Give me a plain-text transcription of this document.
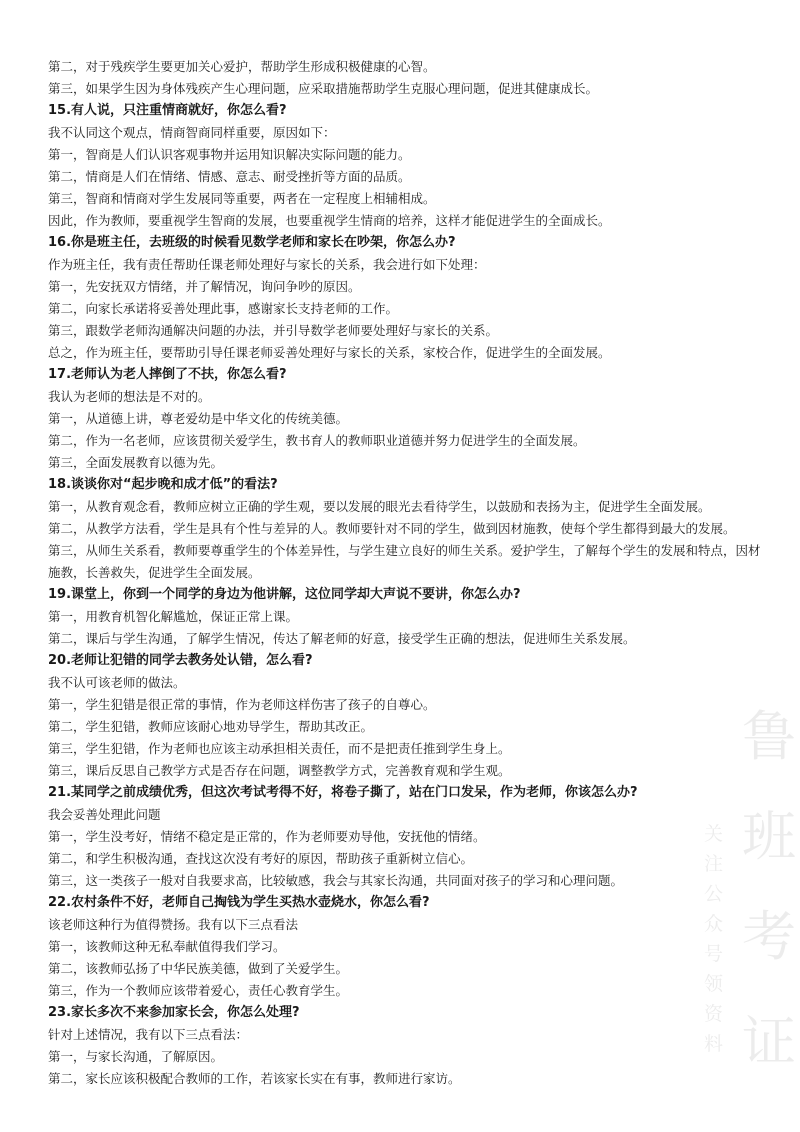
第二，对于残疾学生要更加关心爱护，帮助学生形成积极健康的心智。
第三，如果学生因为身体残疾产生心理问题，应采取措施帮助学生克服心理问题，促进其健康成长。
15.有人说，只注重情商就好，你怎么看?
我不认同这个观点，情商智商同样重要，原因如下：
第一，智商是人们认识客观事物并运用知识解决实际问题的能力。
第二，情商是人们在情绪、情感、意志、耐受挫折等方面的品质。
第三，智商和情商对学生发展同等重要，两者在一定程度上相辅相成。
因此，作为教师，要重视学生智商的发展，也要重视学生情商的培养，这样才能促进学生的全面成长。
16.你是班主任，去班级的时候看见数学老师和家长在吵架，你怎么办?
作为班主任，我有责任帮助任课老师处理好与家长的关系，我会进行如下处理：
第一，先安抚双方情绪，并了解情况，询问争吵的原因。
第二，向家长承诺将妥善处理此事，感谢家长支持老师的工作。
第三，跟数学老师沟通解决问题的办法，并引导数学老师要处理好与家长的关系。
总之，作为班主任，要帮助引导任课老师妥善处理好与家长的关系，家校合作，促进学生的全面发展。
17.老师认为老人摔倒了不扶，你怎么看?
我认为老师的想法是不对的。
第一，从道德上讲，尊老爱幼是中华文化的传统美德。
第二，作为一名老师，应该贯彻关爱学生，教书育人的教师职业道德并努力促进学生的全面发展。
第三，全面发展教育以德为先。
18.谈谈你对“起步晚和成才低”的看法?
第一，从教育观念看，教师应树立正确的学生观，要以发展的眼光去看待学生，以鼓励和表扬为主，促进学生全面发展。
第二，从教学方法看，学生是具有个性与差异的人。教师要针对不同的学生，做到因材施教，使每个学生都得到最大的发展。
第三，从师生关系看，教师要尊重学生的个体差异性，与学生建立良好的师生关系。爱护学生，了解每个学生的发展和特点，因材施教，长善救失，促进学生全面发展。
19.课堂上，你到一个同学的身边为他讲解，这位同学却大声说不要讲，你怎么办?
第一，用教育机智化解尴尬，保证正常上课。
第二，课后与学生沟通，了解学生情况，传达了解老师的好意，接受学生正确的想法，促进师生关系发展。
20.老师让犯错的同学去教务处认错，怎么看?
我不认可该老师的做法。
第一，学生犯错是很正常的事情，作为老师这样伤害了孩子的自尊心。
第二，学生犯错，教师应该耐心地劝导学生，帮助其改正。
第三，学生犯错，作为老师也应该主动承担相关责任，而不是把责任推到学生身上。
第三，课后反思自己教学方式是否存在问题，调整教学方式，完善教育观和学生观。
21.某同学之前成绩优秀，但这次考试考得不好，将卷子撕了，站在门口发呆，作为老师，你该怎么办?
我会妥善处理此问题
第一，学生没考好，情绪不稳定是正常的，作为老师要劝导他，安抚他的情绪。
第二，和学生积极沟通，查找这次没有考好的原因，帮助孩子重新树立信心。
第三，这一类孩子一般对自我要求高，比较敏感，我会与其家长沟通，共同面对孩子的学习和心理问题。
22.农村条件不好，老师自己掏钱为学生买热水壶烧水，你怎么看?
该老师这种行为值得赞扬。我有以下三点看法
第一，该教师这种无私奉献值得我们学习。
第二，该教师弘扬了中华民族美德，做到了关爱学生。
第三，作为一个教师应该带着爱心，责任心教育学生。
23.家长多次不来参加家长会，你怎么处理?
针对上述情况，我有以下三点看法：
第一，与家长沟通，了解原因。
第二，家长应该积极配合教师的工作，若该家长实在有事，教师进行家访。
鲁
班
考
证
关
注
公
众
号
领
资
料
